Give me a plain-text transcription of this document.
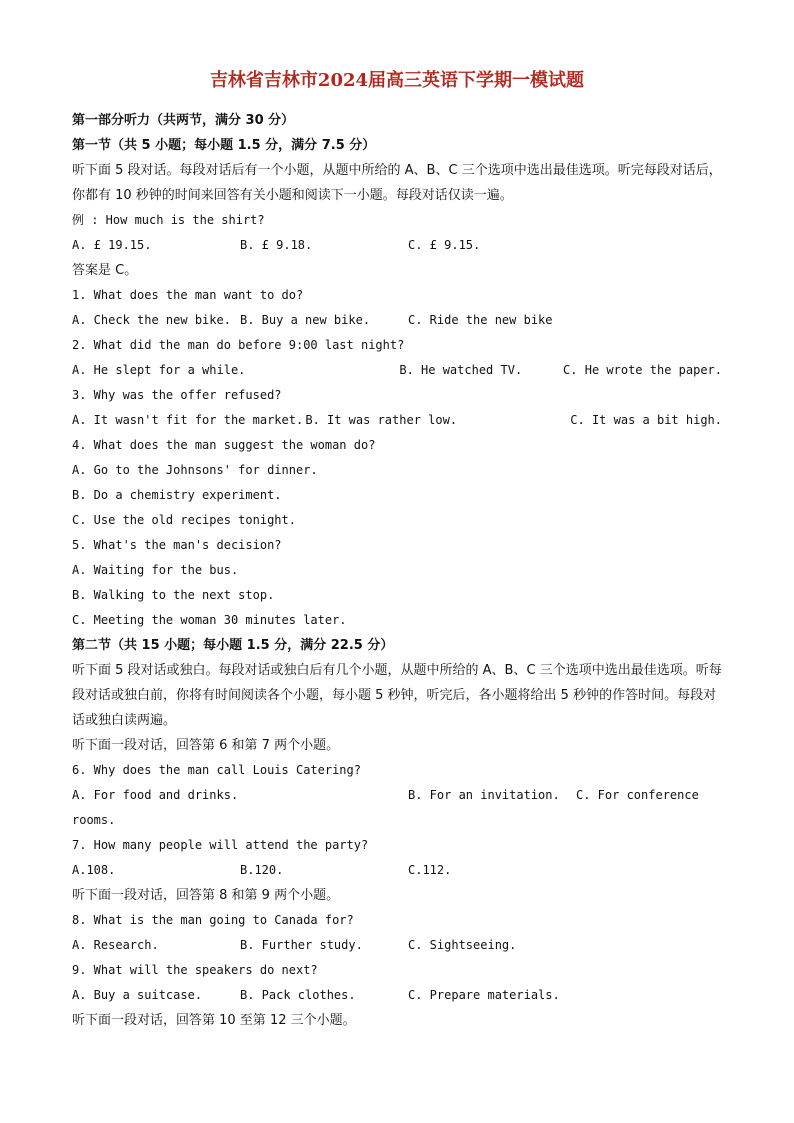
吉林省吉林市2024届高三英语下学期一模试题

第一部分听力（共两节，满分 30 分）

第一节（共 5 小题；每小题 1.5 分，满分 7.5 分）

听下面 5 段对话。每段对话后有一个小题，从题中所给的 A、B、C 三个选项中选出最佳选项。听完每段对话后，你都有 10 秒钟的时间来回答有关小题和阅读下一小题。每段对话仅读一遍。

例 : How much is the shirt?

A. £ 19.15.	B. £ 9.18.	C. £ 9.15.

答案是 C。

1. What does the man want to do?

A. Check the new bike. B. Buy a new bike.	C. Ride the new bike

2. What did the man do before 9:00 last night?

A. He slept for a while.	B. He watched TV.	C. He wrote the paper.

3. Why was the offer refused?

A. It wasn't fit for the market. B. It was rather low.	C. It was a bit high.

4. What does the man suggest the woman do?

A. Go to the Johnsons' for dinner.

B. Do a chemistry experiment.

C. Use the old recipes tonight.

5. What's the man's decision?

A. Waiting for the bus.

B. Walking to the next stop.

C. Meeting the woman 30 minutes later.

第二节（共 15 小题；每小题 1.5 分，满分 22.5 分）

听下面 5 段对话或独白。每段对话或独白后有几个小题，从题中所给的 A、B、C 三个选项中选出最佳选项。听每段对话或独白前，你将有时间阅读各个小题，每小题 5 秒钟，听完后，各小题将给出 5 秒钟的作答时间。每段对话或独白读两遍。

听下面一段对话，回答第 6 和第 7 两个小题。

6. Why does the man call Louis Catering?

A. For food and drinks.	B. For an invitation.	C. For conference

rooms.

7. How many people will attend the party?

A.108.	B.120.	C.112.

听下面一段对话，回答第 8 和第 9 两个小题。

8. What is the man going to Canada for?

A. Research.	B. Further study.	C. Sightseeing.

9. What will the speakers do next?

A. Buy a suitcase.	B. Pack clothes.	C. Prepare materials.

听下面一段对话，回答第 10 至第 12 三个小题。
